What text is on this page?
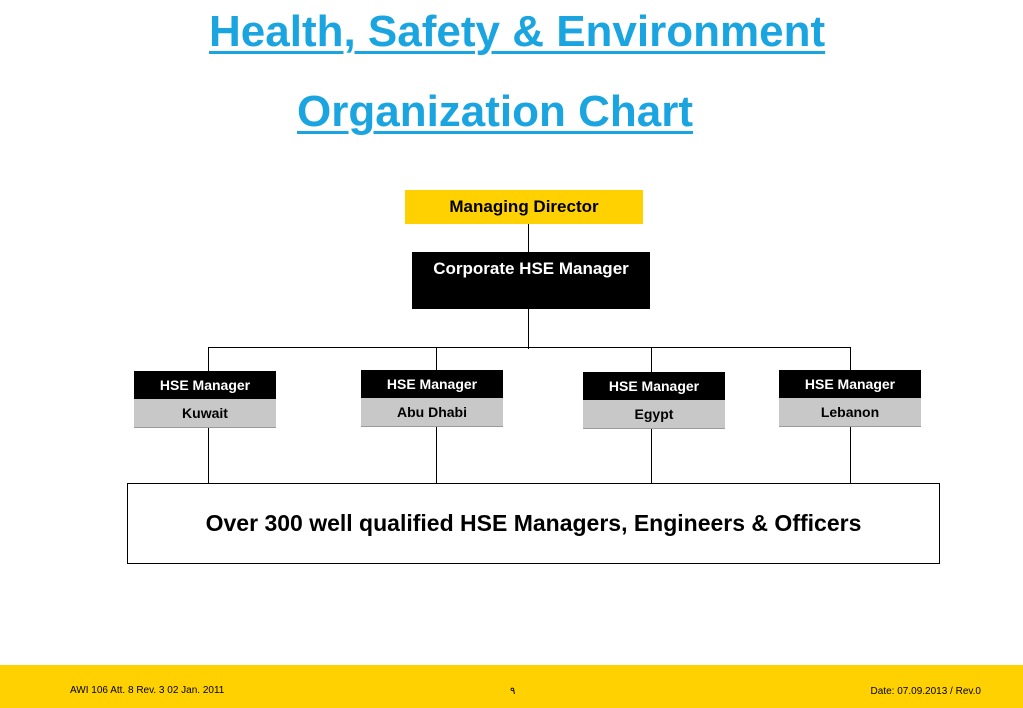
Health, Safety & Environment
Organization Chart
Managing Director
Corporate HSE Manager
HSE Manager
Kuwait
HSE Manager
Abu Dhabi
HSE Manager
Egypt
HSE Manager
Lebanon
Over 300 well qualified HSE Managers, Engineers & Officers
AWI 106 Att. 8 Rev. 3 02 Jan. 2011	٩	Date: 07.09.2013 / Rev.0
